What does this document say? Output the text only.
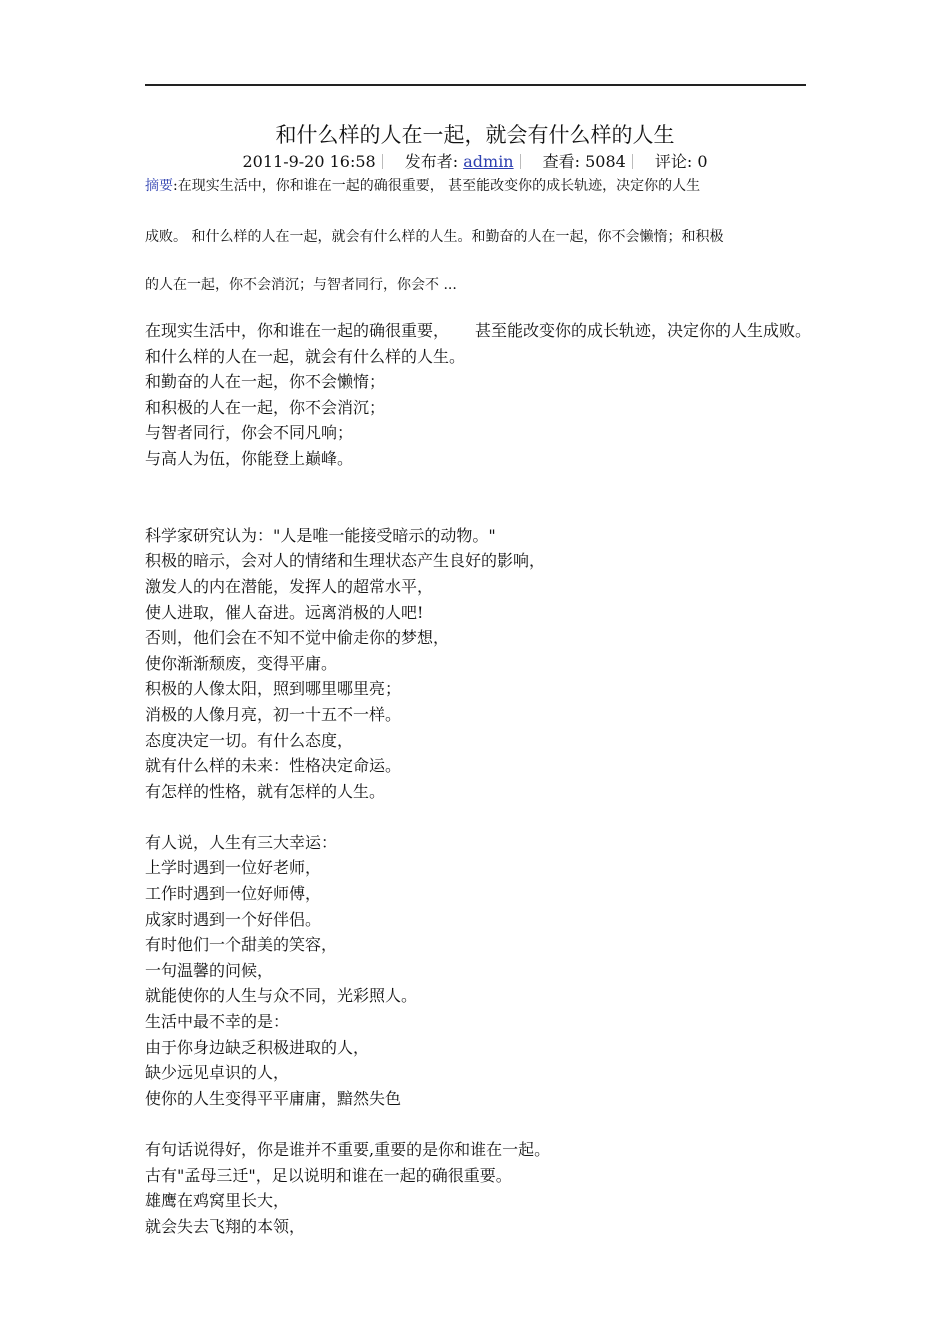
和什么样的人在一起，就会有什么样的人生
2011-9-20 16:58 发布者: admin 查看: 5084 评论: 0
摘要:在现实生活中，你和谁在一起的确很重要， 甚至能改变你的成长轨迹，决定你的人生
成败。 和什么样的人在一起，就会有什么样的人生。和勤奋的人在一起，你不会懒惰；和积极
的人在一起，你不会消沉；与智者同行，你会不 ...
在现实生活中，你和谁在一起的确很重要， 甚至能改变你的成长轨迹，决定你的人生成败。
和什么样的人在一起，就会有什么样的人生。
和勤奋的人在一起，你不会懒惰；
和积极的人在一起，你不会消沉；
与智者同行，你会不同凡响；
与高人为伍，你能登上巅峰。
科学家研究认为："人是唯一能接受暗示的动物。"
积极的暗示，会对人的情绪和生理状态产生良好的影响，
激发人的内在潜能，发挥人的超常水平，
使人进取，催人奋进。远离消极的人吧!
否则，他们会在不知不觉中偷走你的梦想，
使你渐渐颓废，变得平庸。
积极的人像太阳，照到哪里哪里亮；
消极的人像月亮，初一十五不一样。
态度决定一切。有什么态度，
就有什么样的未来：性格决定命运。
有怎样的性格，就有怎样的人生。
有人说，人生有三大幸运：
上学时遇到一位好老师，
工作时遇到一位好师傅，
成家时遇到一个好伴侣。
有时他们一个甜美的笑容，
一句温馨的问候，
就能使你的人生与众不同，光彩照人。
生活中最不幸的是：
由于你身边缺乏积极进取的人，
缺少远见卓识的人，
使你的人生变得平平庸庸，黯然失色
有句话说得好，你是谁并不重要,重要的是你和谁在一起。
古有"孟母三迁"，足以说明和谁在一起的确很重要。
雄鹰在鸡窝里长大，
就会失去飞翔的本领，
